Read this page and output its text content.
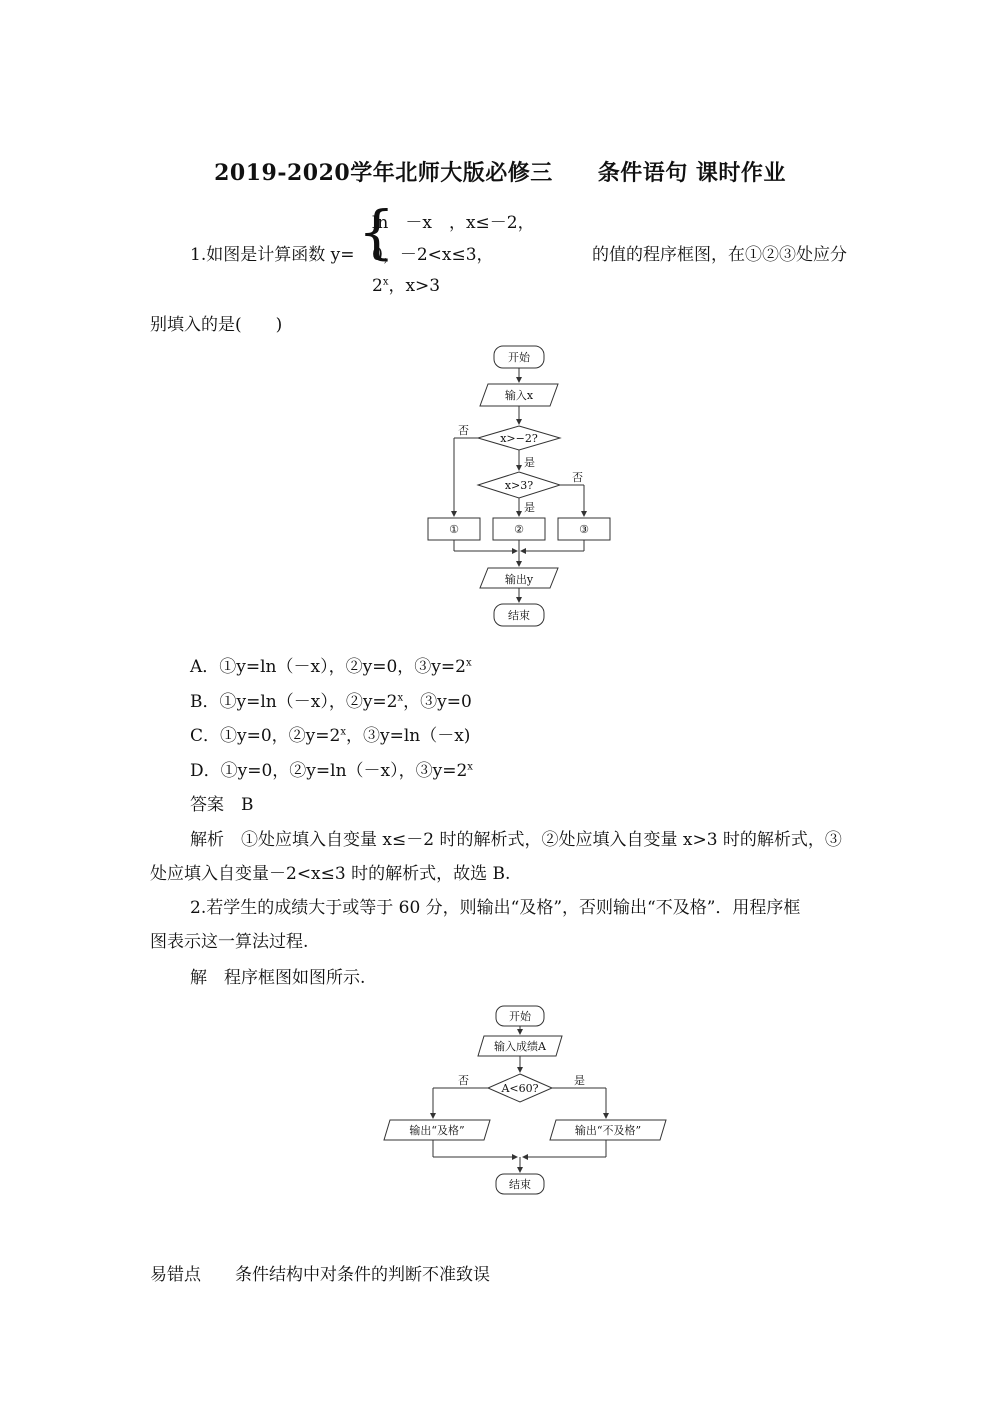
2019-2020学年北师大版必修三　　条件语句 课时作业
1.如图是计算函数 y= {
ln　－x　，x≤－2，
0，－2<x≤3，
2$^x$，x>3
的值的程序框图，在①②③处应分
别填入的是(　　)
开始
输入x
x>−2?
x>3?
否
是
否
是
①	②	③
输出y
结束
A．①y=ln（－x），②y=0，$③y=2^x$
B．①y=ln（－x），$②y=2^x$，③y=0
C．①y=0，$②y=2^x$，③y=ln（－x)
D．①y=0，②y=ln（－x），$③y=2^x$
答案　B
解析　①处应填入自变量 x≤－2 时的解析式，②处应填入自变量 x>3 时的解析式，③
处应填入自变量－2<x≤3 时的解析式，故选 B.
2.若学生的成绩大于或等于 60 分，则输出“及格”，否则输出“不及格”．用程序框
图表示这一算法过程.
解　程序框图如图所示.
开始
输入成绩A
A<60?
否	是
输出“及格”	输出“不及格”
结束
易错点　　条件结构中对条件的判断不准致误
